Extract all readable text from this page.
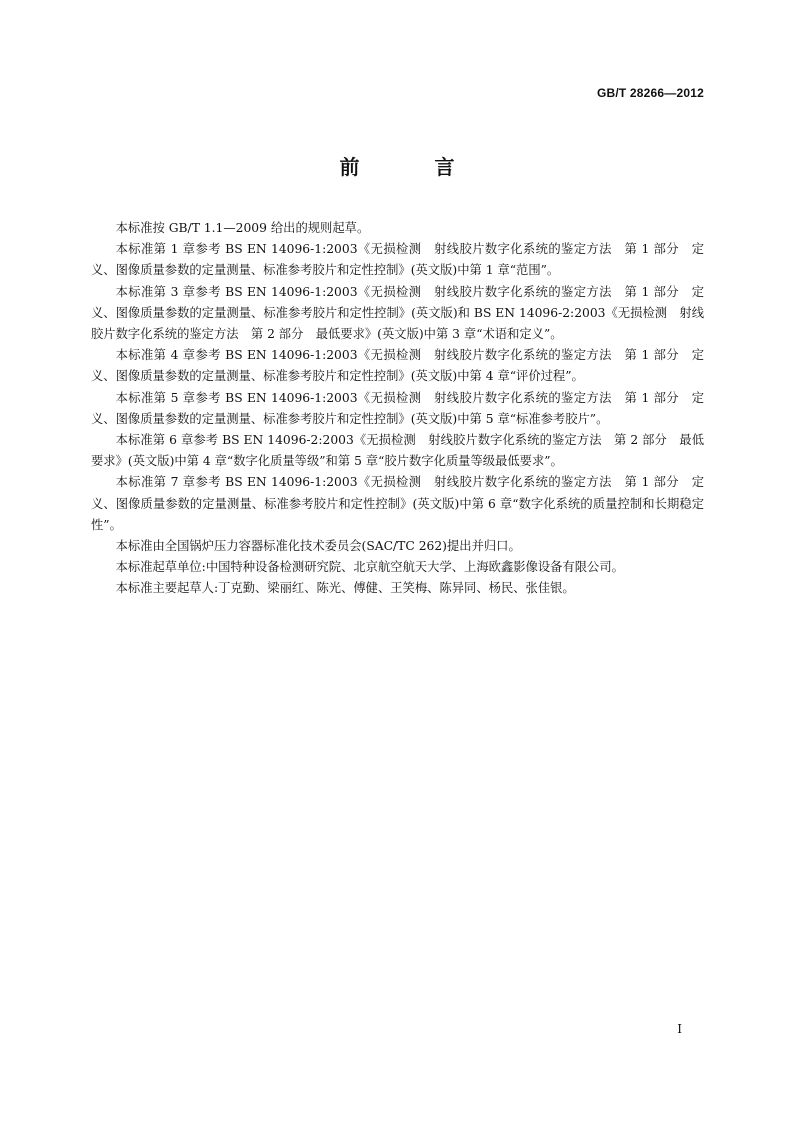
GB/T 28266—2012
前 言

本标准按 GB/T 1.1—2009 给出的规则起草。

本标准第 1 章参考 BS EN 14096-1:2003《无损检测　射线胶片数字化系统的鉴定方法　第 1 部分　定义、图像质量参数的定量测量、标准参考胶片和定性控制》(英文版)中第 1 章“范围”。

本标准第 3 章参考 BS EN 14096-1:2003《无损检测　射线胶片数字化系统的鉴定方法　第 1 部分　定义、图像质量参数的定量测量、标准参考胶片和定性控制》(英文版)和 BS EN 14096-2:2003《无损检测　射线胶片数字化系统的鉴定方法　第 2 部分　最低要求》(英文版)中第 3 章“术语和定义”。

本标准第 4 章参考 BS EN 14096-1:2003《无损检测　射线胶片数字化系统的鉴定方法　第 1 部分　定义、图像质量参数的定量测量、标准参考胶片和定性控制》(英文版)中第 4 章“评价过程”。

本标准第 5 章参考 BS EN 14096-1:2003《无损检测　射线胶片数字化系统的鉴定方法　第 1 部分　定义、图像质量参数的定量测量、标准参考胶片和定性控制》(英文版)中第 5 章“标准参考胶片”。

本标准第 6 章参考 BS EN 14096-2:2003《无损检测　射线胶片数字化系统的鉴定方法　第 2 部分　最低要求》(英文版)中第 4 章“数字化质量等级”和第 5 章“胶片数字化质量等级最低要求”。

本标准第 7 章参考 BS EN 14096-1:2003《无损检测　射线胶片数字化系统的鉴定方法　第 1 部分　定义、图像质量参数的定量测量、标准参考胶片和定性控制》(英文版)中第 6 章“数字化系统的质量控制和长期稳定性”。

本标准由全国锅炉压力容器标准化技术委员会(SAC/TC 262)提出并归口。

本标准起草单位:中国特种设备检测研究院、北京航空航天大学、上海欧鑫影像设备有限公司。

本标准主要起草人:丁克勤、梁丽红、陈光、傅健、王笑梅、陈异同、杨民、张佳银。

I
